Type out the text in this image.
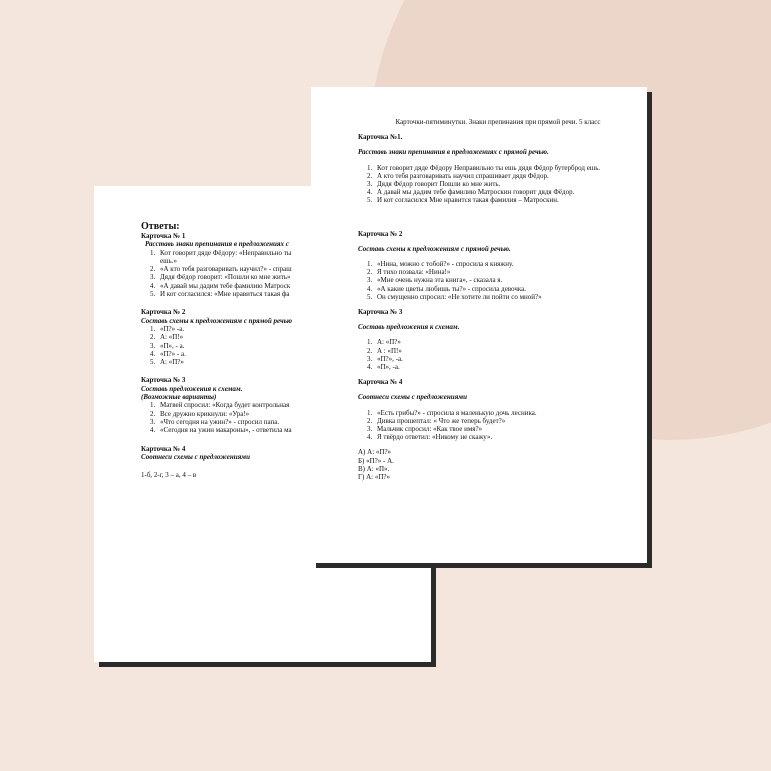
Ответы:
Карточка № 1
Расставь знаки препинания в предложениях с
1. Кот говорит дяде Фёдору: «Неправильно ты
ешь.»
2. «А кто тебя разговаривать научил?» - спраш
3. Дядя Фёдор говорит: «Пошли ко мне жить»
4. «А давай мы дадим тебе фамилию Матроск
5. И кот согласился: «Мне нравиться такая фа
Карточка № 2
Составь схемы к предложениям с прямой речью
1. «П?» -а.
2. А: «П!»
3. «П», - а.
4. «П?» - а.
5. А: «П?»
Карточка № 3
Составь предложения к схемам.
(Возможные варианты)
1. Матвей спросил: «Когда будет контрольная
2. Все дружно крикнули: «Ура!»
3. «Что сегодня на ужин?» - спросил папа.
4. «Сегодня на ужин макароны», - ответила ма
Карточка № 4
Соотнеси схемы с предложениями
1-б, 2-г, 3 – а, 4 – в
Карточки-пятиминутки. Знаки препинания при прямой речи. 5 класс
Карточка №1.
Расставь знаки препинания в предложениях с прямой речью.
1. Кот говорит дяде Фёдору Неправильно ты ешь дядя Фёдор бутерброд ешь.
2. А кто тебя разговаривать научил спрашивает дядя Фёдор.
3. Дядя Фёдор говорит Пошли ко мне жить.
4. А давай мы дадим тебе фамилию Матроскин говорит дядя Фёдор.
5. И кот согласился Мне нравится такая фамилия – Матроскин.
Карточка № 2
Составь схемы к предложениям с прямой речью.
1. «Нина, можно с тобой?» - спросила я княжну.
2. Я тихо позвала: «Нина!»
3. «Мне очень нужна эта книга», - сказала я.
4. «А какие цветы любишь ты?» - спросила девочка.
5. Он смущенно спросил: «Не хотите ли пойти со мной?»
Карточка № 3
Составь предложения к схемам.
1. А: «П?»
2. А : «П!»
3. «П?», -а.
4. «П», -а.
Карточка № 4
Соотнеси схемы с предложениями
1. «Есть грибы?» - спросила я маленькую дочь лесника.
2. Дивка прошептал: « Что же теперь будет?»
3. Мальчик спросил: «Как твое имя?»
4. Я твёрдо ответил: «Никому не скажу».
А) А: «П?»
Б) «П?» - А.
В) А: «П».
Г) А: «П?»
